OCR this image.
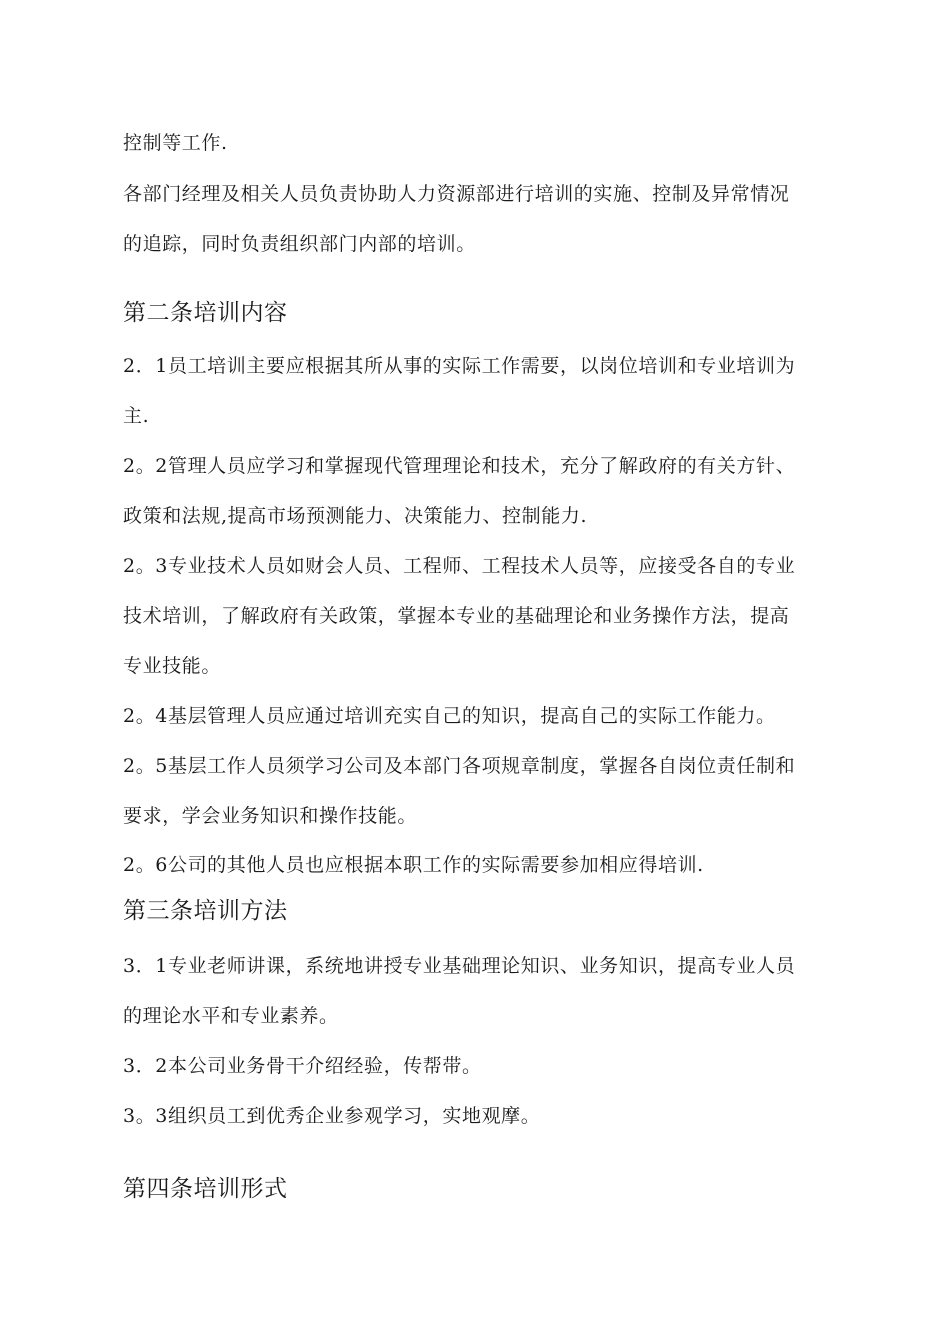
控制等工作.
各部门经理及相关人员负责协助人力资源部进行培训的实施、控制及异常情况
的追踪，同时负责组织部门内部的培训。
第二条培训内容
2．1员工培训主要应根据其所从事的实际工作需要，以岗位培训和专业培训为
主.
2。2管理人员应学习和掌握现代管理理论和技术，充分了解政府的有关方针、
政策和法规,提高市场预测能力、决策能力、控制能力.
2。3专业技术人员如财会人员、工程师、工程技术人员等，应接受各自的专业
技术培训，了解政府有关政策，掌握本专业的基础理论和业务操作方法，提高
专业技能。
2。4基层管理人员应通过培训充实自己的知识，提高自己的实际工作能力。
2。5基层工作人员须学习公司及本部门各项规章制度，掌握各自岗位责任制和
要求，学会业务知识和操作技能。
2。6公司的其他人员也应根据本职工作的实际需要参加相应得培训.
第三条培训方法
3．1专业老师讲课，系统地讲授专业基础理论知识、业务知识，提高专业人员
的理论水平和专业素养。
3．2本公司业务骨干介绍经验，传帮带。
3。3组织员工到优秀企业参观学习，实地观摩。
第四条培训形式
